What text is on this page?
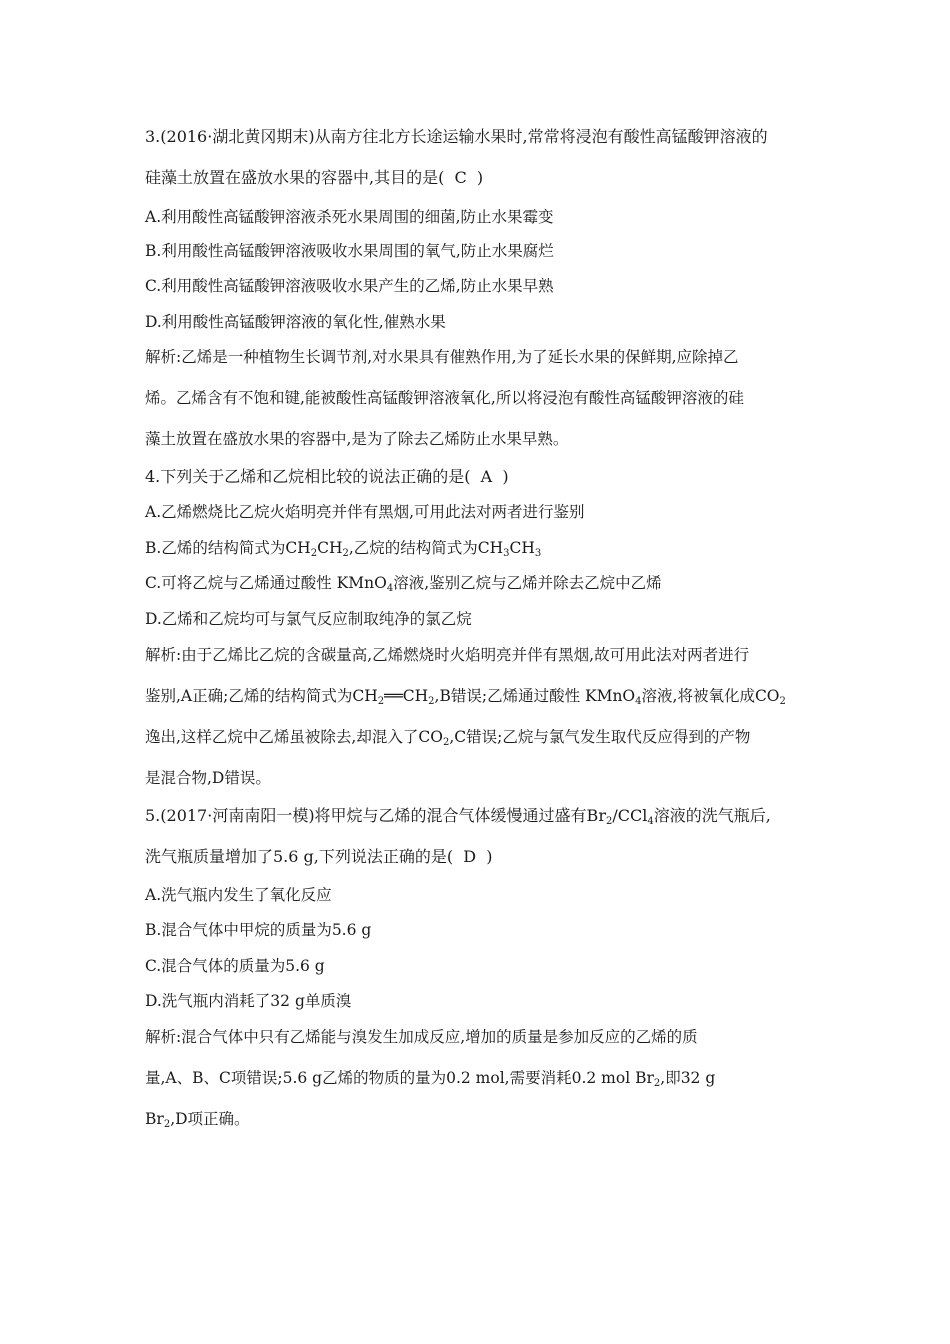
3.(2016·湖北黄冈期末)从南方往北方长途运输水果时,常常将浸泡有酸性高锰酸钾溶液的
硅藻土放置在盛放水果的容器中,其目的是(  C  )
A.利用酸性高锰酸钾溶液杀死水果周围的细菌,防止水果霉变
B.利用酸性高锰酸钾溶液吸收水果周围的氧气,防止水果腐烂
C.利用酸性高锰酸钾溶液吸收水果产生的乙烯,防止水果早熟
D.利用酸性高锰酸钾溶液的氧化性,催熟水果
解析:乙烯是一种植物生长调节剂,对水果具有催熟作用,为了延长水果的保鲜期,应除掉乙
烯。乙烯含有不饱和键,能被酸性高锰酸钾溶液氧化,所以将浸泡有酸性高锰酸钾溶液的硅
藻土放置在盛放水果的容器中,是为了除去乙烯防止水果早熟。
4.下列关于乙烯和乙烷相比较的说法正确的是(  A  )
A.乙烯燃烧比乙烷火焰明亮并伴有黑烟,可用此法对两者进行鉴别
B.乙烯的结构简式为$CH_2CH_2$,乙烷的结构简式为$CH_3CH_3$
C.可将乙烷与乙烯通过酸性 KMnO$_4$溶液,鉴别乙烷与乙烯并除去乙烷中乙烯
D.乙烯和乙烷均可与氯气反应制取纯净的氯乙烷
解析:由于乙烯比乙烷的含碳量高,乙烯燃烧时火焰明亮并伴有黑烟,故可用此法对两者进行
鉴别,A正确;乙烯的结构简式为$CH_2══CH_2,B$错误;乙烯通过酸性 KMnO$_4$溶液,将被氧化成$CO_2$
逸出,这样乙烷中乙烯虽被除去,却混入了$CO_2,C$错误;乙烷与氯气发生取代反应得到的产物
是混合物,D错误。
5.(2017·河南南阳一模)将甲烷与乙烯的混合气体缓慢通过盛有$Br_2/CCl_4$溶液的洗气瓶后,
洗气瓶质量增加了5.6 g,下列说法正确的是(  D  )
A.洗气瓶内发生了氧化反应
B.混合气体中甲烷的质量为5.6 g
C.混合气体的质量为5.6 g
D.洗气瓶内消耗了32 g单质溴
解析:混合气体中只有乙烯能与溴发生加成反应,增加的质量是参加反应的乙烯的质
量,A、B、C项错误;5.6 g乙烯的物质的量为0.2 mol,需要消耗0.2 mol $Br_2$,即32 g
$Br_2,D$项正确。
